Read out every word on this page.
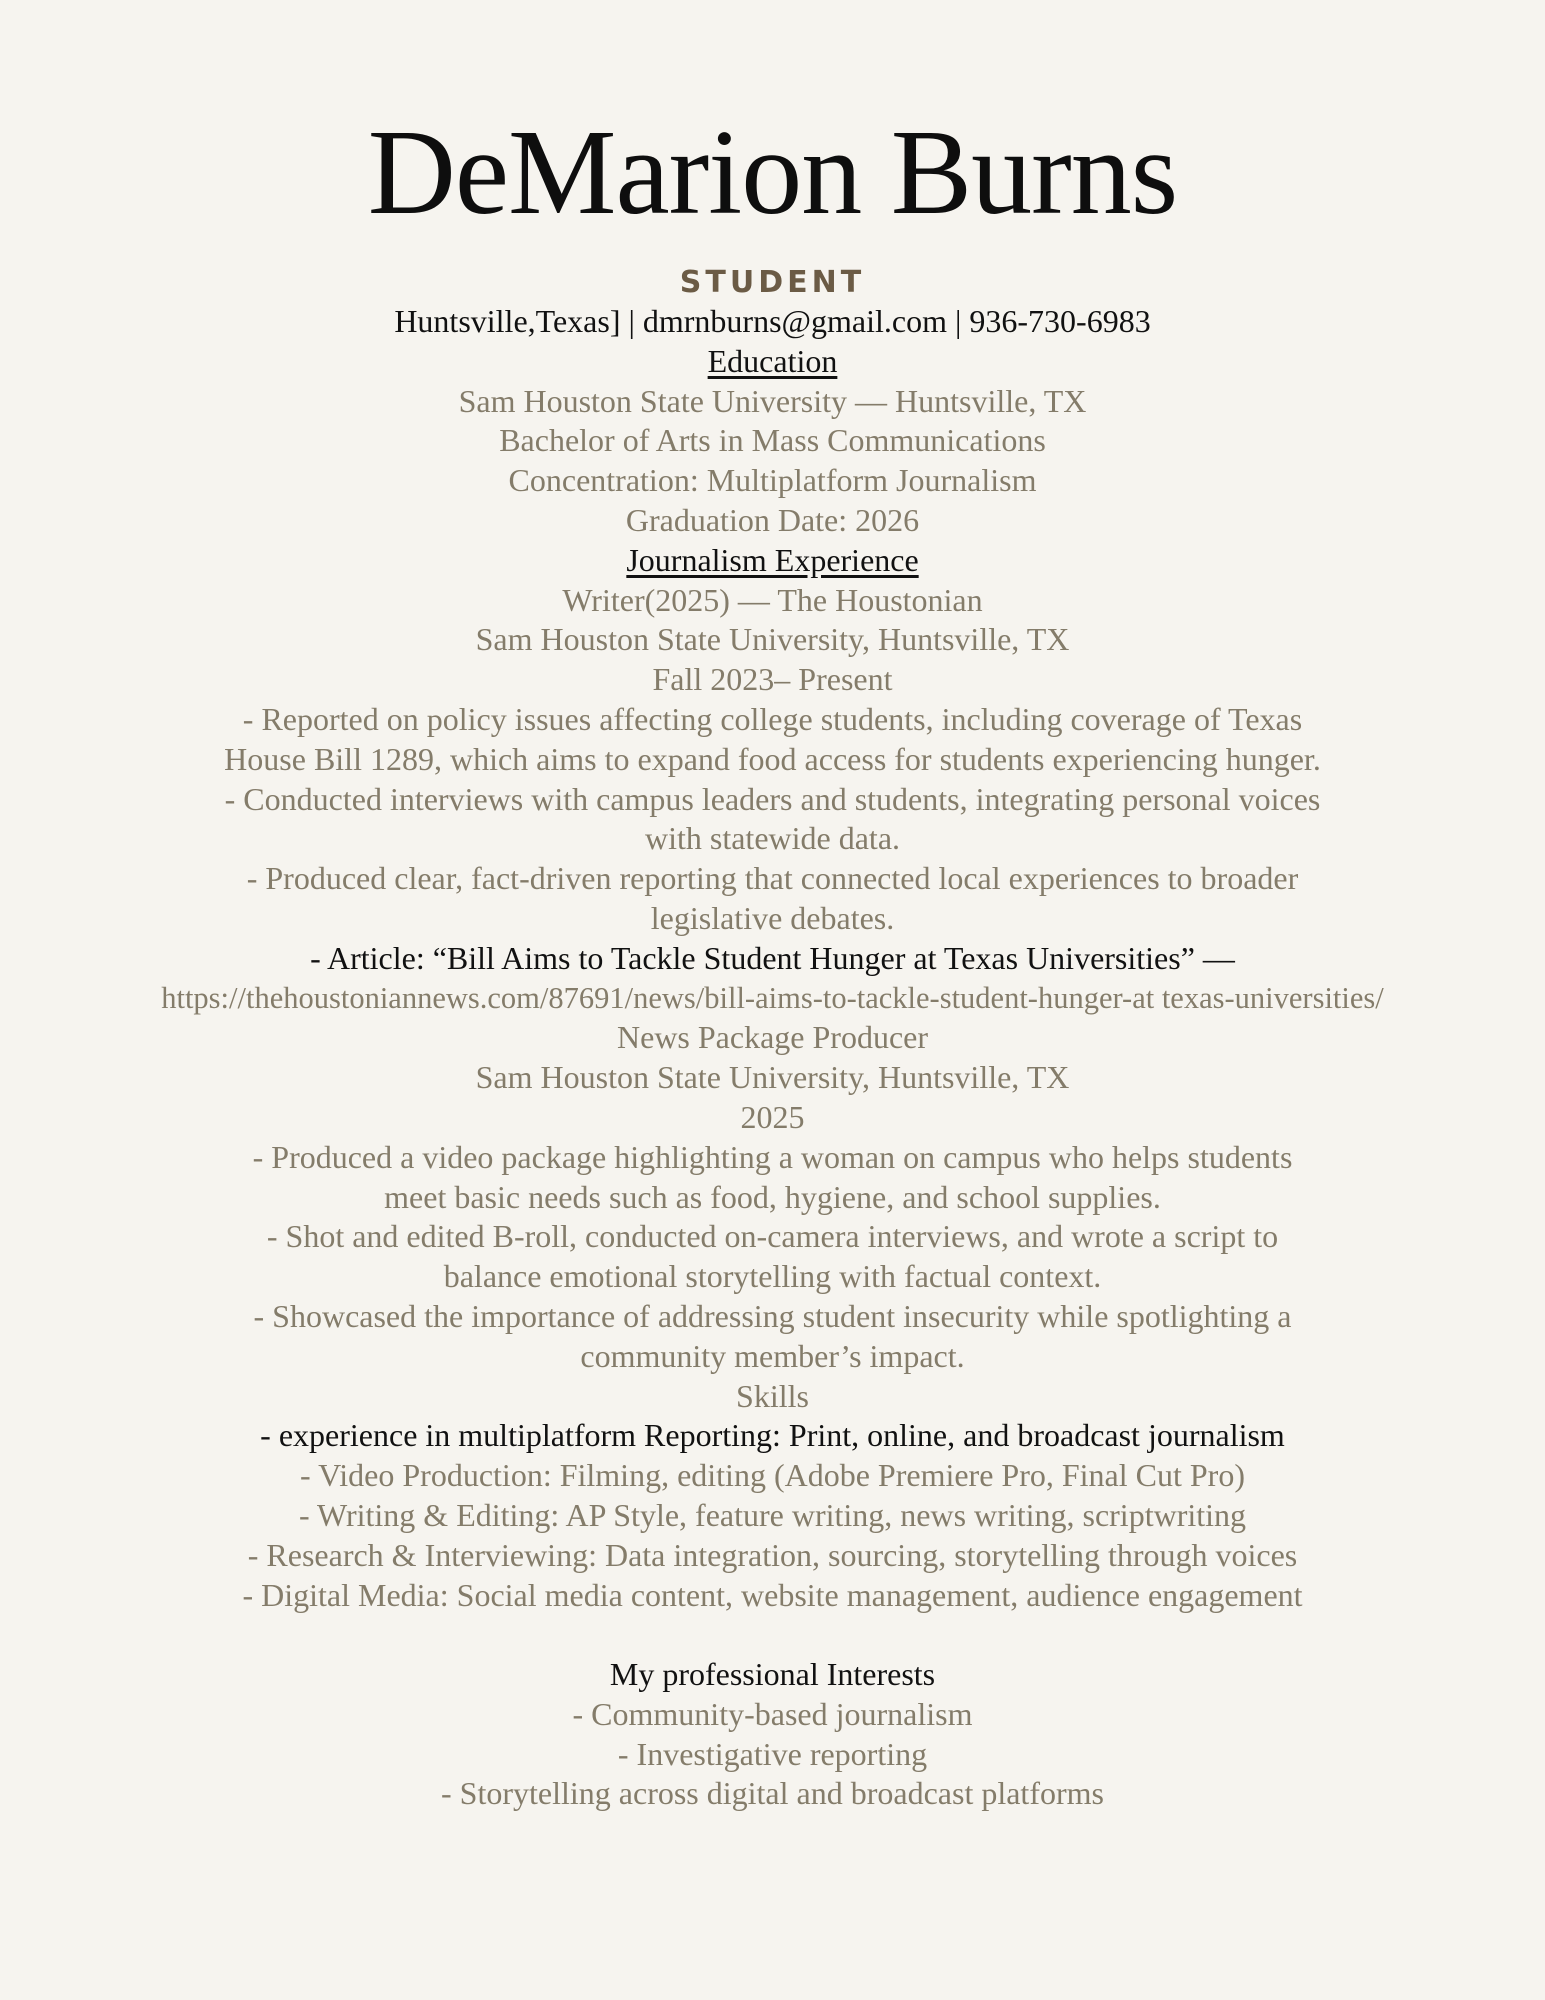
DeMarion Burns
STUDENT
Huntsville,Texas] | dmrnburns@gmail.com | 936-730-6983
Education
Sam Houston State University — Huntsville, TX
Bachelor of Arts in Mass Communications
Concentration: Multiplatform Journalism
Graduation Date: 2026
Journalism Experience
Writer(2025) — The Houstonian
Sam Houston State University, Huntsville, TX
Fall 2023– Present
- Reported on policy issues affecting college students, including coverage of Texas
House Bill 1289, which aims to expand food access for students experiencing hunger.
- Conducted interviews with campus leaders and students, integrating personal voices
with statewide data.
- Produced clear, fact-driven reporting that connected local experiences to broader
legislative debates.
- Article: “Bill Aims to Tackle Student Hunger at Texas Universities” —
https://thehoustoniannews.com/87691/news/bill-aims-to-tackle-student-hunger-at texas-universities/
News Package Producer
Sam Houston State University, Huntsville, TX
2025
- Produced a video package highlighting a woman on campus who helps students
meet basic needs such as food, hygiene, and school supplies.
- Shot and edited B-roll, conducted on-camera interviews, and wrote a script to
balance emotional storytelling with factual context.
- Showcased the importance of addressing student insecurity while spotlighting a
community member’s impact.
Skills
- experience in multiplatform Reporting: Print, online, and broadcast journalism
- Video Production: Filming, editing (Adobe Premiere Pro, Final Cut Pro)
- Writing & Editing: AP Style, feature writing, news writing, scriptwriting
- Research & Interviewing: Data integration, sourcing, storytelling through voices
- Digital Media: Social media content, website management, audience engagement
My professional Interests
- Community-based journalism
- Investigative reporting
- Storytelling across digital and broadcast platforms
